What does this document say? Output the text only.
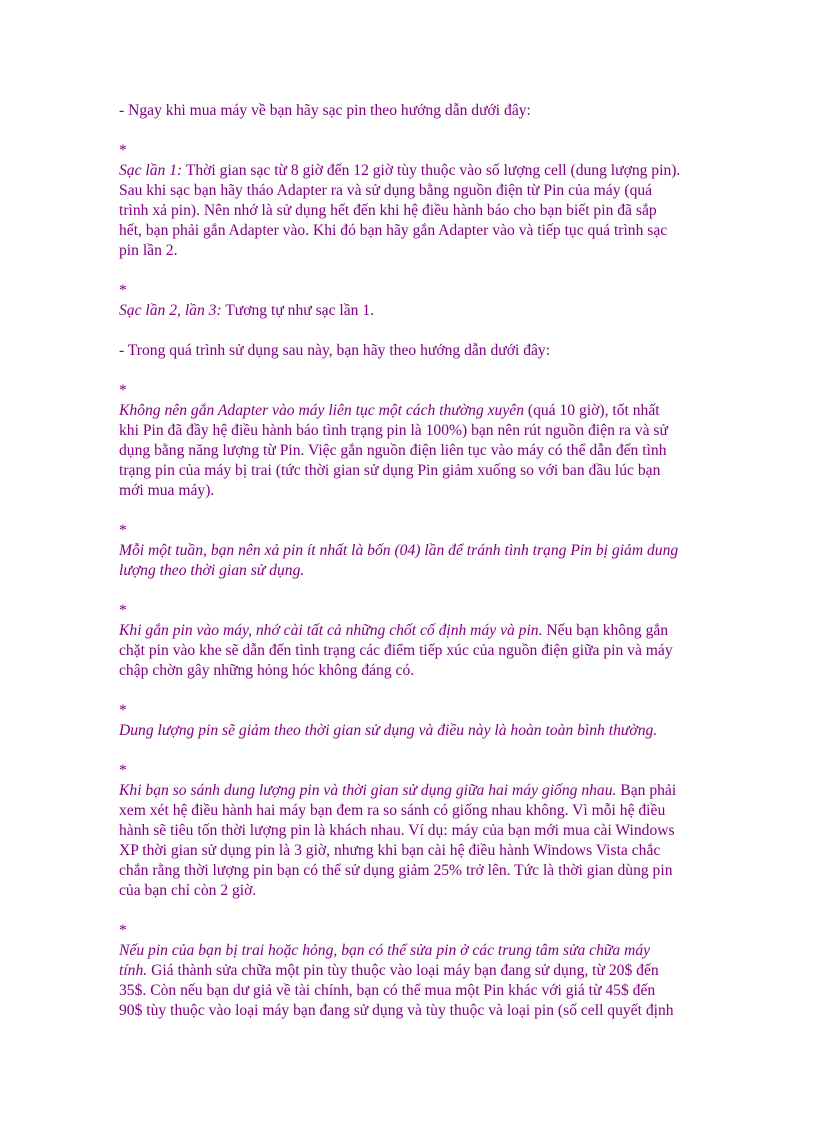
- Ngay khi mua máy về bạn hãy sạc pin theo hướng dẫn dưới đây:

*
Sạc lần 1: Thời gian sạc từ 8 giờ đến 12 giờ tùy thuộc vào số lượng cell (dung lượng pin). Sau khi sạc bạn hãy tháo Adapter ra và sử dụng bằng nguồn điện từ Pin của máy (quá trình xả pin). Nên nhớ là sử dụng hết đến khi hệ điều hành báo cho bạn biết pin đã sắp hết, bạn phải gắn Adapter vào. Khi đó bạn hãy gắn Adapter vào và tiếp tục quá trình sạc pin lần 2.
*
Sạc lần 2, lần 3: Tương tự như sạc lần 1.

- Trong quá trình sử dụng sau này, bạn hãy theo hướng dẫn dưới đây:

*
Không nên gắn Adapter vào máy liên tục một cách thường xuyên (quá 10 giờ), tốt nhất khi Pin đã đầy hệ điều hành báo tình trạng pin là 100%) bạn nên rút nguồn điện ra và sử dụng bằng năng lượng từ Pin. Việc gắn nguồn điện liên tục vào máy có thể dẫn đến tình trạng pin của máy bị trai (tức thời gian sử dụng Pin giảm xuống so với ban đầu lúc bạn mới mua máy).
*
Mỗi một tuần, bạn nên xả pin ít nhất là bốn (04) lần để tránh tình trạng Pin bị giảm dung lượng theo thời gian sử dụng.
*
Khi gắn pin vào máy, nhớ cài tất cả những chốt cố định máy và pin. Nếu bạn không gắn chặt pin vào khe sẽ dẫn đến tình trạng các điểm tiếp xúc của nguồn điện giữa pin và máy chập chờn gây những hỏng hóc không đáng có.
*
Dung lượng pin sẽ giảm theo thời gian sử dụng và điều này là hoàn toàn bình thường.
*
Khi bạn so sánh dung lượng pin và thời gian sử dụng giữa hai máy giống nhau. Bạn phải xem xét hệ điều hành hai máy bạn đem ra so sánh có giống nhau không. Vì mỗi hệ điều hành sẽ tiêu tốn thời lượng pin là khách nhau. Ví dụ: máy của bạn mới mua cài Windows XP thời gian sử dụng pin là 3 giờ, nhưng khi bạn cài hệ điều hành Windows Vista chắc chắn rằng thời lượng pin bạn có thể sử dụng giảm 25% trở lên. Tức là thời gian dùng pin của bạn chỉ còn 2 giờ.
*
Nếu pin của bạn bị trai hoặc hỏng, bạn có thể sửa pin ở các trung tâm sửa chữa máy tính. Giá thành sửa chữa một pin tùy thuộc vào loại máy bạn đang sử dụng, từ 20$ đến 35$. Còn nếu bạn dư giả về tài chính, bạn có thể mua một Pin khác với giá từ 45$ đến 90$ tùy thuộc vào loại máy bạn đang sử dụng và tùy thuộc và loại pin (số cell quyết định
